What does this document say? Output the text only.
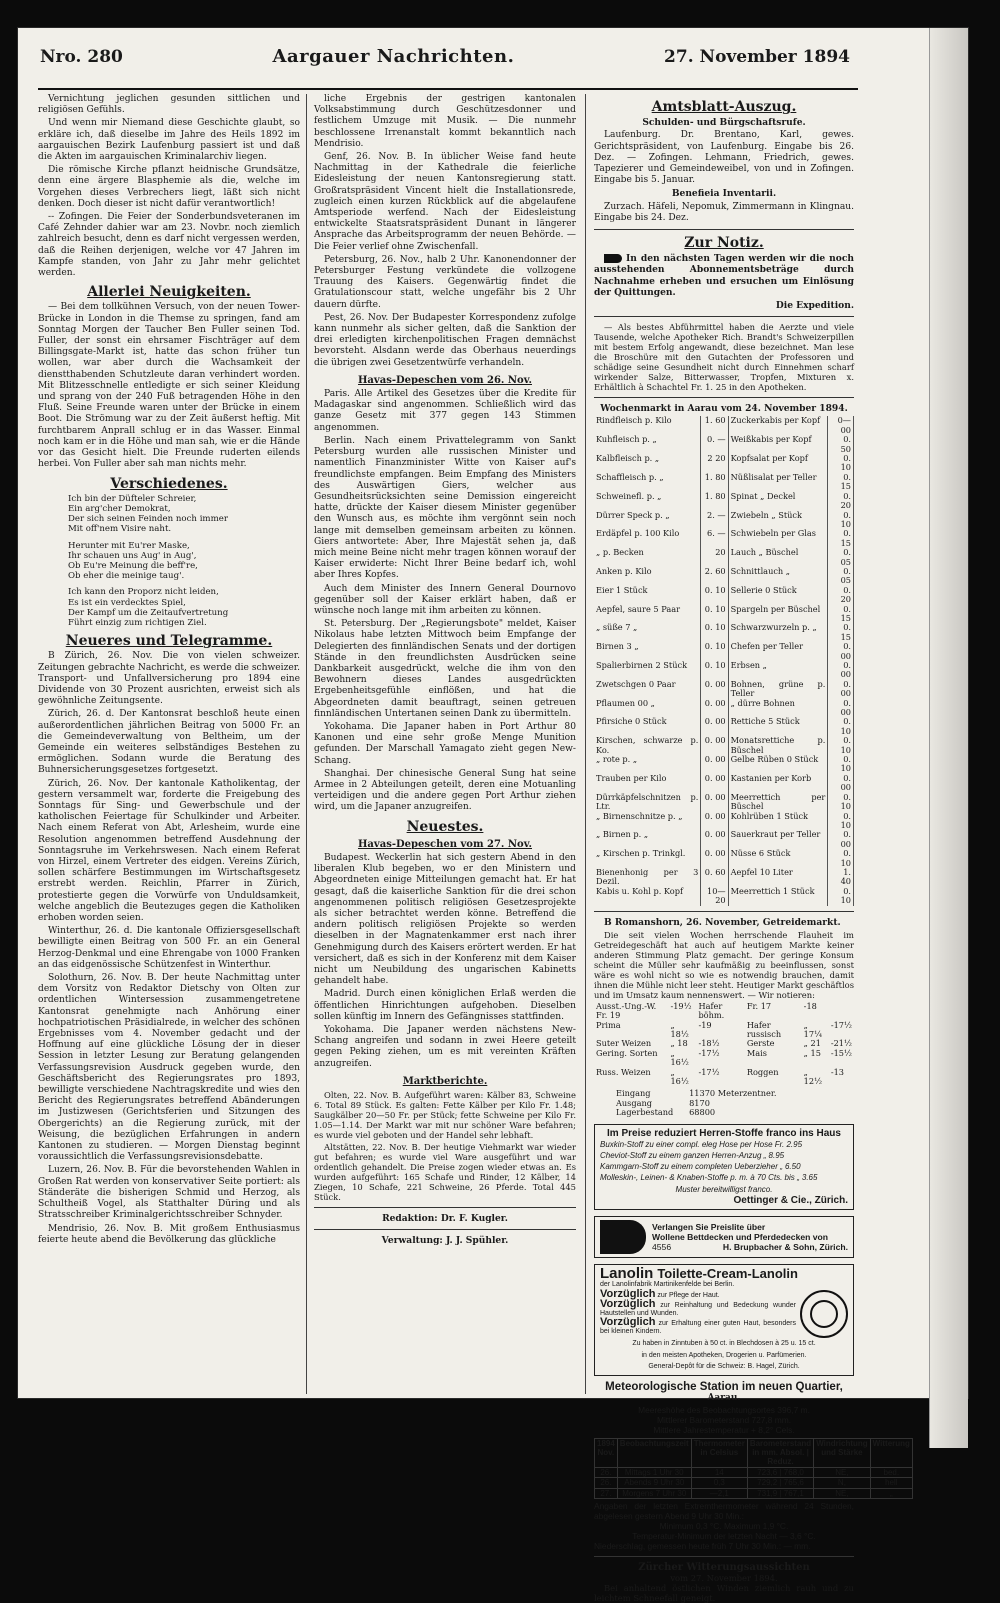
Nro. 280	Aargauer Nachrichten.	27. November 1894

Vernichtung jeglichen gesunden sittlichen und religiösen Gefühls.

Und wenn mir Niemand diese Geschichte glaubt, so erkläre ich, daß dieselbe im Jahre des Heils 1892 im aargauischen Bezirk Laufenburg passiert ist und daß die Akten im aargauischen Kriminalarchiv liegen.

Die römische Kirche pflanzt heidnische Grundsätze, denn eine ärgere Blasphemie als die, welche im Vorgehen dieses Verbrechers liegt, läßt sich nicht denken. Doch dieser ist nicht dafür verantwortlich!

-- Zofingen. Die Feier der Sonderbundsveteranen im Café Zehnder dahier war am 23. Novbr. noch ziemlich zahlreich besucht, denn es darf nicht vergessen werden, daß die Reihen derjenigen, welche vor 47 Jahren im Kampfe standen, von Jahr zu Jahr mehr gelichtet werden.

Allerlei Neuigkeiten.

— Bei dem tollkühnen Versuch, von der neuen Tower-Brücke in London in die Themse zu springen, fand am Sonntag Morgen der Taucher Ben Fuller seinen Tod. Fuller, der sonst ein ehrsamer Fischträger auf dem Billingsgate-Markt ist, hatte das schon früher tun wollen, war aber durch die Wachsamkeit der dienstthabenden Schutzleute daran verhindert worden. Mit Blitzesschnelle entledigte er sich seiner Kleidung und sprang von der 240 Fuß betragenden Höhe in den Fluß. Seine Freunde waren unter der Brücke in einem Boot. Die Strömung war zu der Zeit äußerst heftig. Mit furchtbarem Anprall schlug er in das Wasser. Einmal noch kam er in die Höhe und man sah, wie er die Hände vor das Gesicht hielt. Die Freunde ruderten eilends herbei. Von Fuller aber sah man nichts mehr.

Verschiedenes.
Ich bin der Düfteler Schreier,
Ein arg'cher Demokrat,
Der sich seinen Feinden noch immer
Mit off'nem Visire naht.
Herunter mit Eu'rer Maske,
Ihr schauen uns Aug' in Aug',
Ob Eu're Meinung die beff're,
Ob eher die meinige taug'.
Ich kann den Proporz nicht leiden,
Es ist ein verdecktes Spiel,
Der Kampf um die Zeitaufvertretung
Führt einzig zum richtigen Ziel.
Neueres und Telegramme.

B Zürich, 26. Nov. Die von vielen schweizer. Zeitungen gebrachte Nachricht, es werde die schweizer. Transport- und Unfallversicherung pro 1894 eine Dividende von 30 Prozent ausrichten, erweist sich als gewöhnliche Zeitungsente.

Zürich, 26. d. Der Kantonsrat beschloß heute einen außerordentlichen jährlichen Beitrag von 5000 Fr. an die Gemeindeverwaltung von Beltheim, um der Gemeinde ein weiteres selbständiges Bestehen zu ermöglichen. Sodann wurde die Beratung des Buhnersicherungsgesetzes fortgesetzt.

Zürich, 26. Nov. Der kantonale Katholikentag, der gestern versammelt war, forderte die Freigebung des Sonntags für Sing- und Gewerbschule und der katholischen Feiertage für Schulkinder und Arbeiter. Nach einem Referat von Abt, Arlesheim, wurde eine Resolution angenommen betreffend Ausdehnung der Sonntagsruhe im Verkehrswesen. Nach einem Referat von Hirzel, einem Vertreter des eidgen. Vereins Zürich, sollen schärfere Bestimmungen im Wirtschaftsgesetz erstrebt werden. Reichlin, Pfarrer in Zürich, protestierte gegen die Vorwürfe von Unduldsamkeit, welche angeblich die Beutezuges gegen die Katholiken erhoben worden seien.

Winterthur, 26. d. Die kantonale Offiziersgesellschaft bewilligte einen Beitrag von 500 Fr. an ein General Herzog-Denkmal und eine Ehrengabe von 1000 Franken an das eidgenössische Schützenfest in Winterthur.

Solothurn, 26. Nov. B. Der heute Nachmittag unter dem Vorsitz von Redaktor Dietschy von Olten zur ordentlichen Wintersession zusammengetretene Kantonsrat genehmigte nach Anhörung einer hochpatriotischen Präsidialrede, in welcher des schönen Ergebnisses vom 4. November gedacht und der Hoffnung auf eine glückliche Lösung der in dieser Session in letzter Lesung zur Beratung gelangenden Verfassungsrevision Ausdruck gegeben wurde, den Geschäftsbericht des Regierungsrates pro 1893, bewilligte verschiedene Nachtragskredite und wies den Bericht des Regierungsrates betreffend Abänderungen im Justizwesen (Gerichtsferien und Sitzungen des Obergerichts) an die Regierung zurück, mit der Weisung, die bezüglichen Erfahrungen in andern Kantonen zu studieren. — Morgen Dienstag beginnt voraussichtlich die Verfassungsrevisionsdebatte.

Luzern, 26. Nov. B. Für die bevorstehenden Wahlen in Großen Rat werden von konservativer Seite portiert: als Ständeräte die bisherigen Schmid und Herzog, als Schultheiß Vogel, als Statthalter Düring und als Stratsschreiber Kriminalgerichtsschreiber Schnyder.

Mendrisio, 26. Nov. B. Mit großem Enthusiasmus feierte heute abend die Bevölkerung das glückliche

liche Ergebnis der gestrigen kantonalen Volksabstimmung durch Geschützesdonner und festlichem Umzuge mit Musik. — Die nunmehr beschlossene Irrenanstalt kommt bekanntlich nach Mendrisio.

Genf, 26. Nov. B. In üblicher Weise fand heute Nachmittag in der Kathedrale die feierliche Eidesleistung der neuen Kantonsregierung statt. Großratspräsident Vincent hielt die Installationsrede, zugleich einen kurzen Rückblick auf die abgelaufene Amtsperiode werfend. Nach der Eidesleistung entwickelte Staatsratspräsident Dunant in längerer Ansprache das Arbeitsprogramm der neuen Behörde. — Die Feier verlief ohne Zwischenfall.

Petersburg, 26. Nov., halb 2 Uhr. Kanonendonner der Petersburger Festung verkündete die vollzogene Trauung des Kaisers. Gegenwärtig findet die Gratulationscour statt, welche ungefähr bis 2 Uhr dauern dürfte.

Pest, 26. Nov. Der Budapester Korrespondenz zufolge kann nunmehr als sicher gelten, daß die Sanktion der drei erledigten kirchenpolitischen Fragen demnächst bevorsteht. Alsdann werde das Oberhaus neuerdings die übrigen zwei Gesetzentwürfe verhandeln.

Havas-Depeschen vom 26. Nov.

Paris. Alle Artikel des Gesetzes über die Kredite für Madagaskar sind angenommen. Schließlich wird das ganze Gesetz mit 377 gegen 143 Stimmen angenommen.

Berlin. Nach einem Privattelegramm von Sankt Petersburg wurden alle russischen Minister und namentlich Finanzminister Witte von Kaiser auf's freundlichste empfangen. Beim Empfang des Ministers des Auswärtigen Giers, welcher aus Gesundheitsrücksichten seine Demission eingereicht hatte, drückte der Kaiser diesem Minister gegenüber den Wunsch aus, es möchte ihm vergönnt sein noch lange mit demselben gemeinsam arbeiten zu können. Giers antwortete: Aber, Ihre Majestät sehen ja, daß mich meine Beine nicht mehr tragen können worauf der Kaiser erwiderte: Nicht Ihrer Beine bedarf ich, wohl aber Ihres Kopfes.

Auch dem Minister des Innern General Dournovo gegenüber soll der Kaiser erklärt haben, daß er wünsche noch lange mit ihm arbeiten zu können.

St. Petersburg. Der „Regierungsbote" meldet, Kaiser Nikolaus habe letzten Mittwoch beim Empfange der Delegierten des finnländischen Senats und der dortigen Stände in den freundlichsten Ausdrücken seine Dankbarkeit ausgedrückt, welche die ihm von den Bewohnern dieses Landes ausgedrückten Ergebenheitsgefühle einflößen, und hat die Abgeordneten damit beauftragt, seinen getreuen finnländischen Untertanen seinen Dank zu übermitteln.

Yokohama. Die Japaner haben in Port Arthur 80 Kanonen und eine sehr große Menge Munition gefunden. Der Marschall Yamagato zieht gegen New-Schang.

Shanghai. Der chinesische General Sung hat seine Armee in 2 Abteilungen geteilt, deren eine Motuanling verteidigen und die andere gegen Port Arthur ziehen wird, um die Japaner anzugreifen.

Neuestes.
Havas-Depeschen vom 27. Nov.

Budapest. Weckerlin hat sich gestern Abend in den liberalen Klub begeben, wo er den Ministern und Abgeordneten einige Mitteilungen gemacht hat. Er hat gesagt, daß die kaiserliche Sanktion für die drei schon angenommenen politisch religiösen Gesetzesprojekte als sicher betrachtet werden könne. Betreffend die andern politisch religiösen Projekte so werden dieselben in der Magnatenkammer erst nach ihrer Genehmigung durch des Kaisers erörtert werden. Er hat versichert, daß es sich in der Konferenz mit dem Kaiser nicht um Neubildung des ungarischen Kabinetts gehandelt habe.

Madrid. Durch einen königlichen Erlaß werden die öffentlichen Hinrichtungen aufgehoben. Dieselben sollen künftig im Innern des Gefängnisses stattfinden.

Yokohama. Die Japaner werden nächstens New-Schang angreifen und sodann in zwei Heere geteilt gegen Peking ziehen, um es mit vereinten Kräften anzugreifen.

Marktberichte.

Olten, 22. Nov. B. Aufgeführt waren: Kälber 83, Schweine 6. Total 89 Stück. Es galten: Fette Kälber per Kilo Fr. 1.48; Saugkälber 20—50 Fr. per Stück; fette Schweine per Kilo Fr. 1.05—1.14. Der Markt war mit nur schöner Ware befahren; es wurde viel geboten und der Handel sehr lebhaft.

Altstätten, 22. Nov. B. Der heutige Viehmarkt war wieder gut befahren; es wurde viel Ware ausgeführt und war ordentlich gehandelt. Die Preise zogen wieder etwas an. Es wurden aufgeführt: 165 Schafe und Rinder, 12 Kälber, 14 Ziegen, 10 Schafe, 221 Schweine, 26 Pferde. Total 445 Stück.

Redaktion: Dr. F. Kugler.

Verwaltung: J. J. Spühler.

Amtsblatt-Auszug.

Schulden- und Bürgschaftsrufe.

Laufenburg. Dr. Brentano, Karl, gewes. Gerichtspräsident, von Laufenburg. Eingabe bis 26. Dez. — Zofingen. Lehmann, Friedrich, gewes. Tapezierer und Gemeindeweibel, von und in Zofingen. Eingabe bis 5. Januar.

Benefieia Inventarii.

Zurzach. Häfeli, Nepomuk, Zimmermann in Klingnau. Eingabe bis 24. Dez.

Zur Notiz.

In den nächsten Tagen werden wir die noch ausstehenden Abonnementsbeträge durch Nachnahme erheben und ersuchen um Einlösung der Quittungen.

Die Expedition.

— Als bestes Abführmittel haben die Aerzte und viele Tausende, welche Apotheker Rich. Brandt's Schweizerpillen mit bestem Erfolg angewandt, diese bezeichnet. Man lese die Broschüre mit den Gutachten der Professoren und schädige seine Gesundheit nicht durch Einnehmen scharf wirkender Salze, Bitterwasser, Tropfen, Mixturen x. Erhältlich à Schachtel Fr. 1. 25 in den Apotheken.

Wochenmarkt in Aarau vom 24. November 1894.

Rindfleisch p. Kilo	1. 60	Zuckerkabis per Kopf	0— 00
Kuhfleisch p. „	0. —	Weißkabis per Kopf	0. 50
Kalbfleisch p. „	2 20	Kopfsalat per Kopf	0. 10
Schaffleisch p. „	1. 80	Nüßlisalat per Teller	0. 15
Schweinefl. p. „	1. 80	Spinat „ Deckel	0. 20
Dürrer Speck p. „	2. —	Zwiebeln „ Stück	0. 10
Erdäpfel p. 100 Kilo	6. —	Schwiebeln per Glas	0. 15
„ p. Becken	20	Lauch „ Büschel	0. 05
Anken p. Kilo	2. 60	Schnittlauch „	0. 05
Eier 1 Stück	0. 10	Sellerie 0 Stück	0. 20
Aepfel, saure 5 Paar	0. 10	Spargeln per Büschel	0. 15
„ süße 7 „	0. 10	Schwarzwurzeln p. „	0. 15
Birnen 3 „	0. 10	Chefen per Teller	0. 00
Spalierbirnen 2 Stück	0. 10	Erbsen „	0. 00
Zwetschgen 0 Paar	0. 00	Bohnen, grüne p. Teller	0. 00
Pflaumen 00 „	0. 00	„ dürre Bohnen	0. 00
Pfirsiche 0 Stück	0. 00	Rettiche 5 Stück	0. 10
Kirschen, schwarze p. Ko.	0. 00	Monatsrettiche p. Büschel	0. 10
„ rote p. „	0. 00	Gelbe Rüben 0 Stück	0. 10
Trauben per Kilo	0. 00	Kastanien per Korb	0. 00
Dürrkäpfelschnitzen p. Ltr.	0. 00	Meerrettich per Büschel	0. 10
„ Birnenschnitze p. „	0. 00	Kohlrüben 1 Stück	0. 10
„ Birnen p. „	0. 00	Sauerkraut per Teller	0. 00
„ Kirschen p. Trinkgl.	0. 00	Nüsse 6 Stück	0. 10
Bienenhonig per 3 Dezil.	0. 60	Aepfel 10 Liter	1. 40
Kabis u. Kohl p. Kopf	10—20	Meerrettich 1 Stück	0. 10

B Romanshorn, 26. November, Getreidemarkt.

Die seit vielen Wochen herrschende Flauheit im Getreidegeschäft hat auch auf heutigem Markte keiner anderen Stimmung Platz gemacht. Der geringe Konsum scheint die Müller sehr kaufmäßig zu beeinflussen, sonst wäre es wohl nicht so wie es notwendig brauchen, damit ihnen die Mühle nicht leer steht. Heutiger Markt geschäftlos und im Umsatz kaum nennenswert. — Wir notieren:

Ausst.-Ung.-W. Fr. 19	-19½	Hafer böhm.	Fr. 17	-18	
Prima	„ 18½	-19	Hafer russisch	„ 17¼	-17½
Suter Weizen	„ 18	-18½	Gerste	„ 21	-21½
Gering. Sorten	„ 16½	-17½	Mais	„ 15	-15½
Russ. Weizen	„ 16½	-17½	Roggen	„ 12½	-13
Eingang	11370 Meterzentner.
Ausgang	8170
Lagerbestand	68800
Im Preise reduziert Herren-Stoffe franco ins Haus
Buxkin-Stoff zu einer compl. eleg Hose per Hose Fr. 2.95
Cheviot-Stoff zu einem ganzen Herren-Anzug „ 8.95
Kammgarn-Stoff zu einem completen Ueberzieher „ 6.50
Molleskin-, Leinen- & Knaben-Stoffe p. m. à 70 Cts. bis „ 3.65
Muster bereitwilligst franco.
Oettinger & Cie., Zürich.
Verlangen Sie Preislite über
Wollene Bettdecken und Pferdedecken von
4556	H. Brupbacher & Sohn, Zürich.
Lanolin Toilette-Cream-Lanolin
der Lanolinfabrik Martinikenfelde bei Berlin.
Vorzüglich zur Pflege der Haut.
Vorzüglich zur Reinhaltung und Bedeckung wunder Hautstellen und Wunden.
Vorzüglich zur Erhaltung einer guten Haut, besonders bei kleinen Kindern.
Zu haben in Zinntuben à 50 ct. in Blechdosen à 25 u. 15 ct.
in den meisten Apotheken, Drogerien u. Parfümerien.
General-Depôt für die Schweiz: B. Hagel, Zürich.
Meteorologische Station im neuen Quartier,
Aarau.
Meereshöhe des Beobachtungsortes 396,7 m.
Mittlerer Barometerstand 727,8 mm.
Mittlere Jahrestemperatur + 8,2° Cels.
1894 Nov.	Beobachtungszeit	Thermometer in Celsius	Barometerstand in mm. Absol. | Reduz.	Windrichtung und Stärke	Witterung
26.	Mittags 1 Uhr 30	14	723,6 | 768,0	NE,	bed.
26.	Abends 9 Uhr 30	0,3	729,2 | 765,6	N,	hell
27.	Morgens 7 Uhr 30	—2,1	731,9 | 767,1	NE,	„
Angaben der letzten Extremthermometer während 24 Stunden, abgelesen gestern Abend 9 Uhr 30 Min.:
Minimum 0,3 °C. Maximum 1,9 °C.
Temperatur-Minimum der letzten Nacht — 3,6 °C.
Niederschlag, gemessen heute früh 7 Uhr 30 Min.: — mm.
Zürcher Witterungsaussichten
vom 27. November 1894.

Bei anhaltend östlichen Winden ziemlich rauh und zu leichtem Schneefall geneigt.
